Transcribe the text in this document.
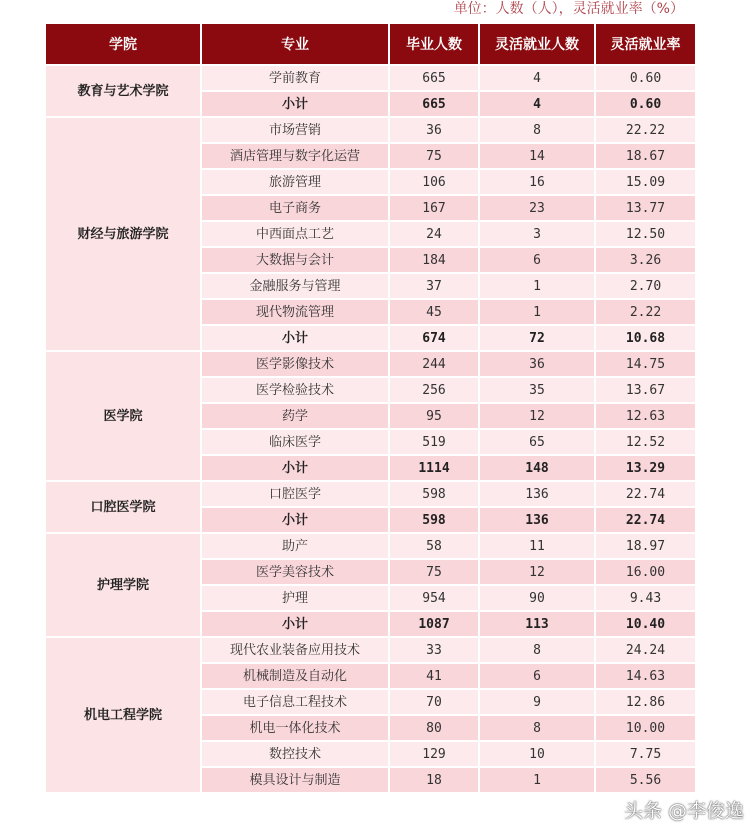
单位：人数（人），灵活就业率（%）
学院	专业	毕业人数	灵活就业人数	灵活就业率
教育与艺术学院	学前教育	665	4	0.60
	小计	665	4	0.60
财经与旅游学院	市场营销	36	8	22.22
	酒店管理与数字化运营	75	14	18.67
	旅游管理	106	16	15.09
	电子商务	167	23	13.77
	中西面点工艺	24	3	12.50
	大数据与会计	184	6	3.26
	金融服务与管理	37	1	2.70
	现代物流管理	45	1	2.22
	小计	674	72	10.68
医学院	医学影像技术	244	36	14.75
	医学检验技术	256	35	13.67
	药学	95	12	12.63
	临床医学	519	65	12.52
	小计	1114	148	13.29
口腔医学院	口腔医学	598	136	22.74
	小计	598	136	22.74
护理学院	助产	58	11	18.97
	医学美容技术	75	12	16.00
	护理	954	90	9.43
	小计	1087	113	10.40
机电工程学院	现代农业装备应用技术	33	8	24.24
	机械制造及自动化	41	6	14.63
	电子信息工程技术	70	9	12.86
	机电一体化技术	80	8	10.00
	数控技术	129	10	7.75
	模具设计与制造	18	1	5.56
头条 @李俊逸
